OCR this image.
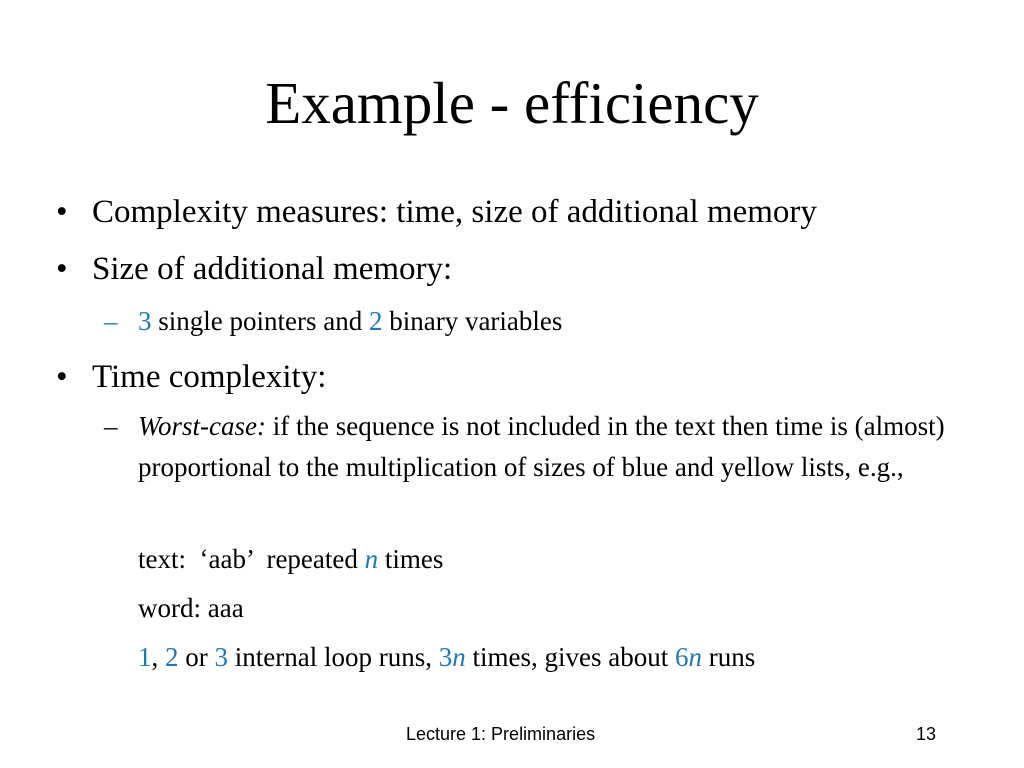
Example - efficiency
• Complexity measures: time, size of additional memory
• Size of additional memory:
– 3 single pointers and 2 binary variables
• Time complexity:
– Worst-case: if the sequence is not included in the text then time is (almost) proportional to the multiplication of sizes of blue and yellow lists, e.g.,
text:  ‘aab’  repeated n times
word: aaa
1, 2 or 3 internal loop runs, 3n times, gives about 6n runs
Lecture 1: Preliminaries	13
